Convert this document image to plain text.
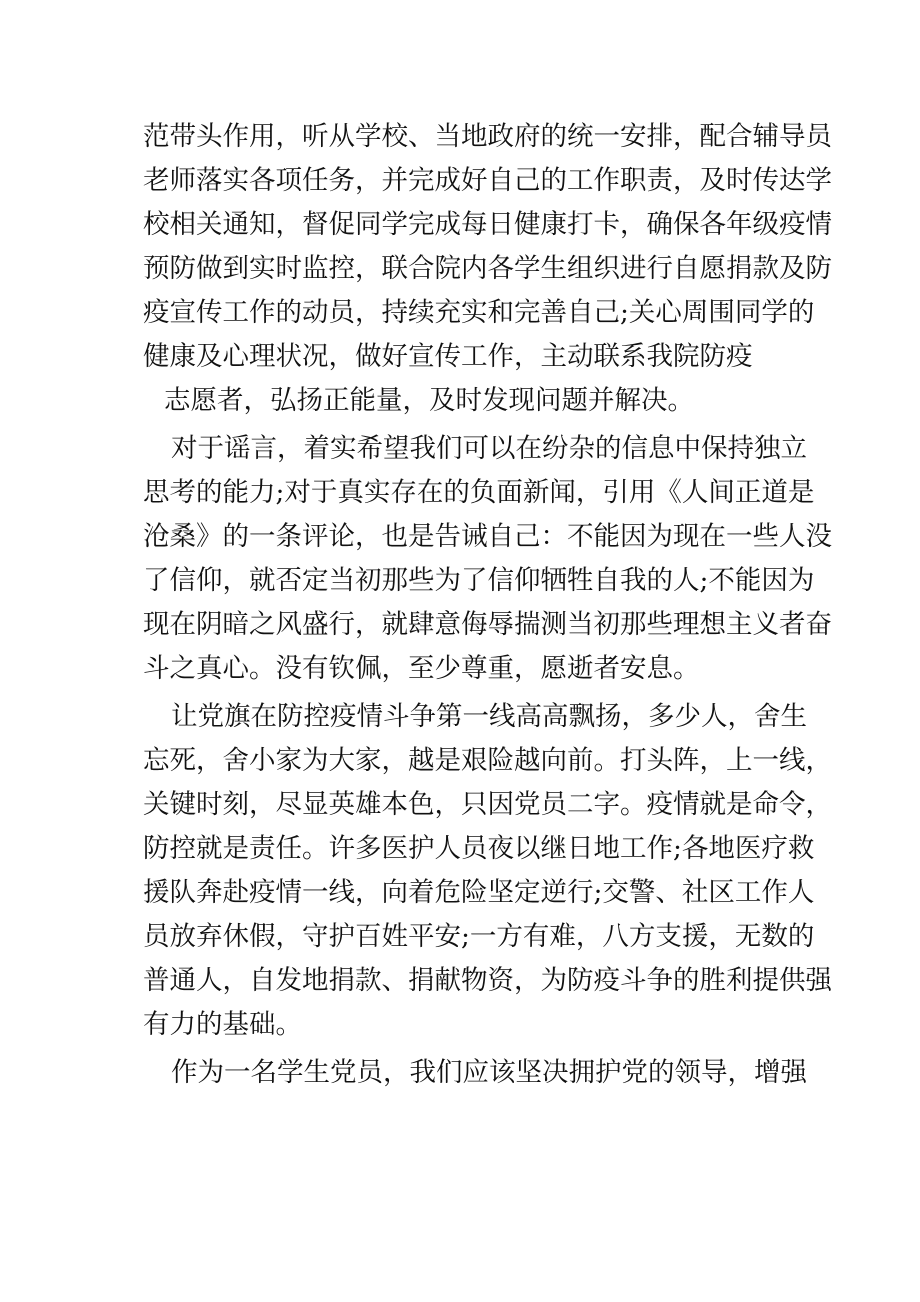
范带头作用，听从学校、当地政府的统一安排，配合辅导员
老师落实各项任务，并完成好自己的工作职责，及时传达学
校相关通知，督促同学完成每日健康打卡，确保各年级疫情
预防做到实时监控，联合院内各学生组织进行自愿捐款及防
疫宣传工作的动员，持续充实和完善自己;关心周围同学的
健康及心理状况，做好宣传工作，主动联系我院防疫
志愿者，弘扬正能量，及时发现问题并解决。
对于谣言，着实希望我们可以在纷杂的信息中保持独立
思考的能力;对于真实存在的负面新闻，引用《人间正道是
沧桑》的一条评论，也是告诫自己：不能因为现在一些人没
了信仰，就否定当初那些为了信仰牺牲自我的人;不能因为
现在阴暗之风盛行，就肆意侮辱揣测当初那些理想主义者奋
斗之真心。没有钦佩，至少尊重，愿逝者安息。
让党旗在防控疫情斗争第一线高高飘扬，多少人，舍生
忘死，舍小家为大家，越是艰险越向前。打头阵，上一线，
关键时刻，尽显英雄本色，只因党员二字。疫情就是命令，
防控就是责任。许多医护人员夜以继日地工作;各地医疗救
援队奔赴疫情一线，向着危险坚定逆行;交警、社区工作人
员放弃休假，守护百姓平安;一方有难，八方支援，无数的
普通人，自发地捐款、捐献物资，为防疫斗争的胜利提供强
有力的基础。
作为一名学生党员，我们应该坚决拥护党的领导，增强
